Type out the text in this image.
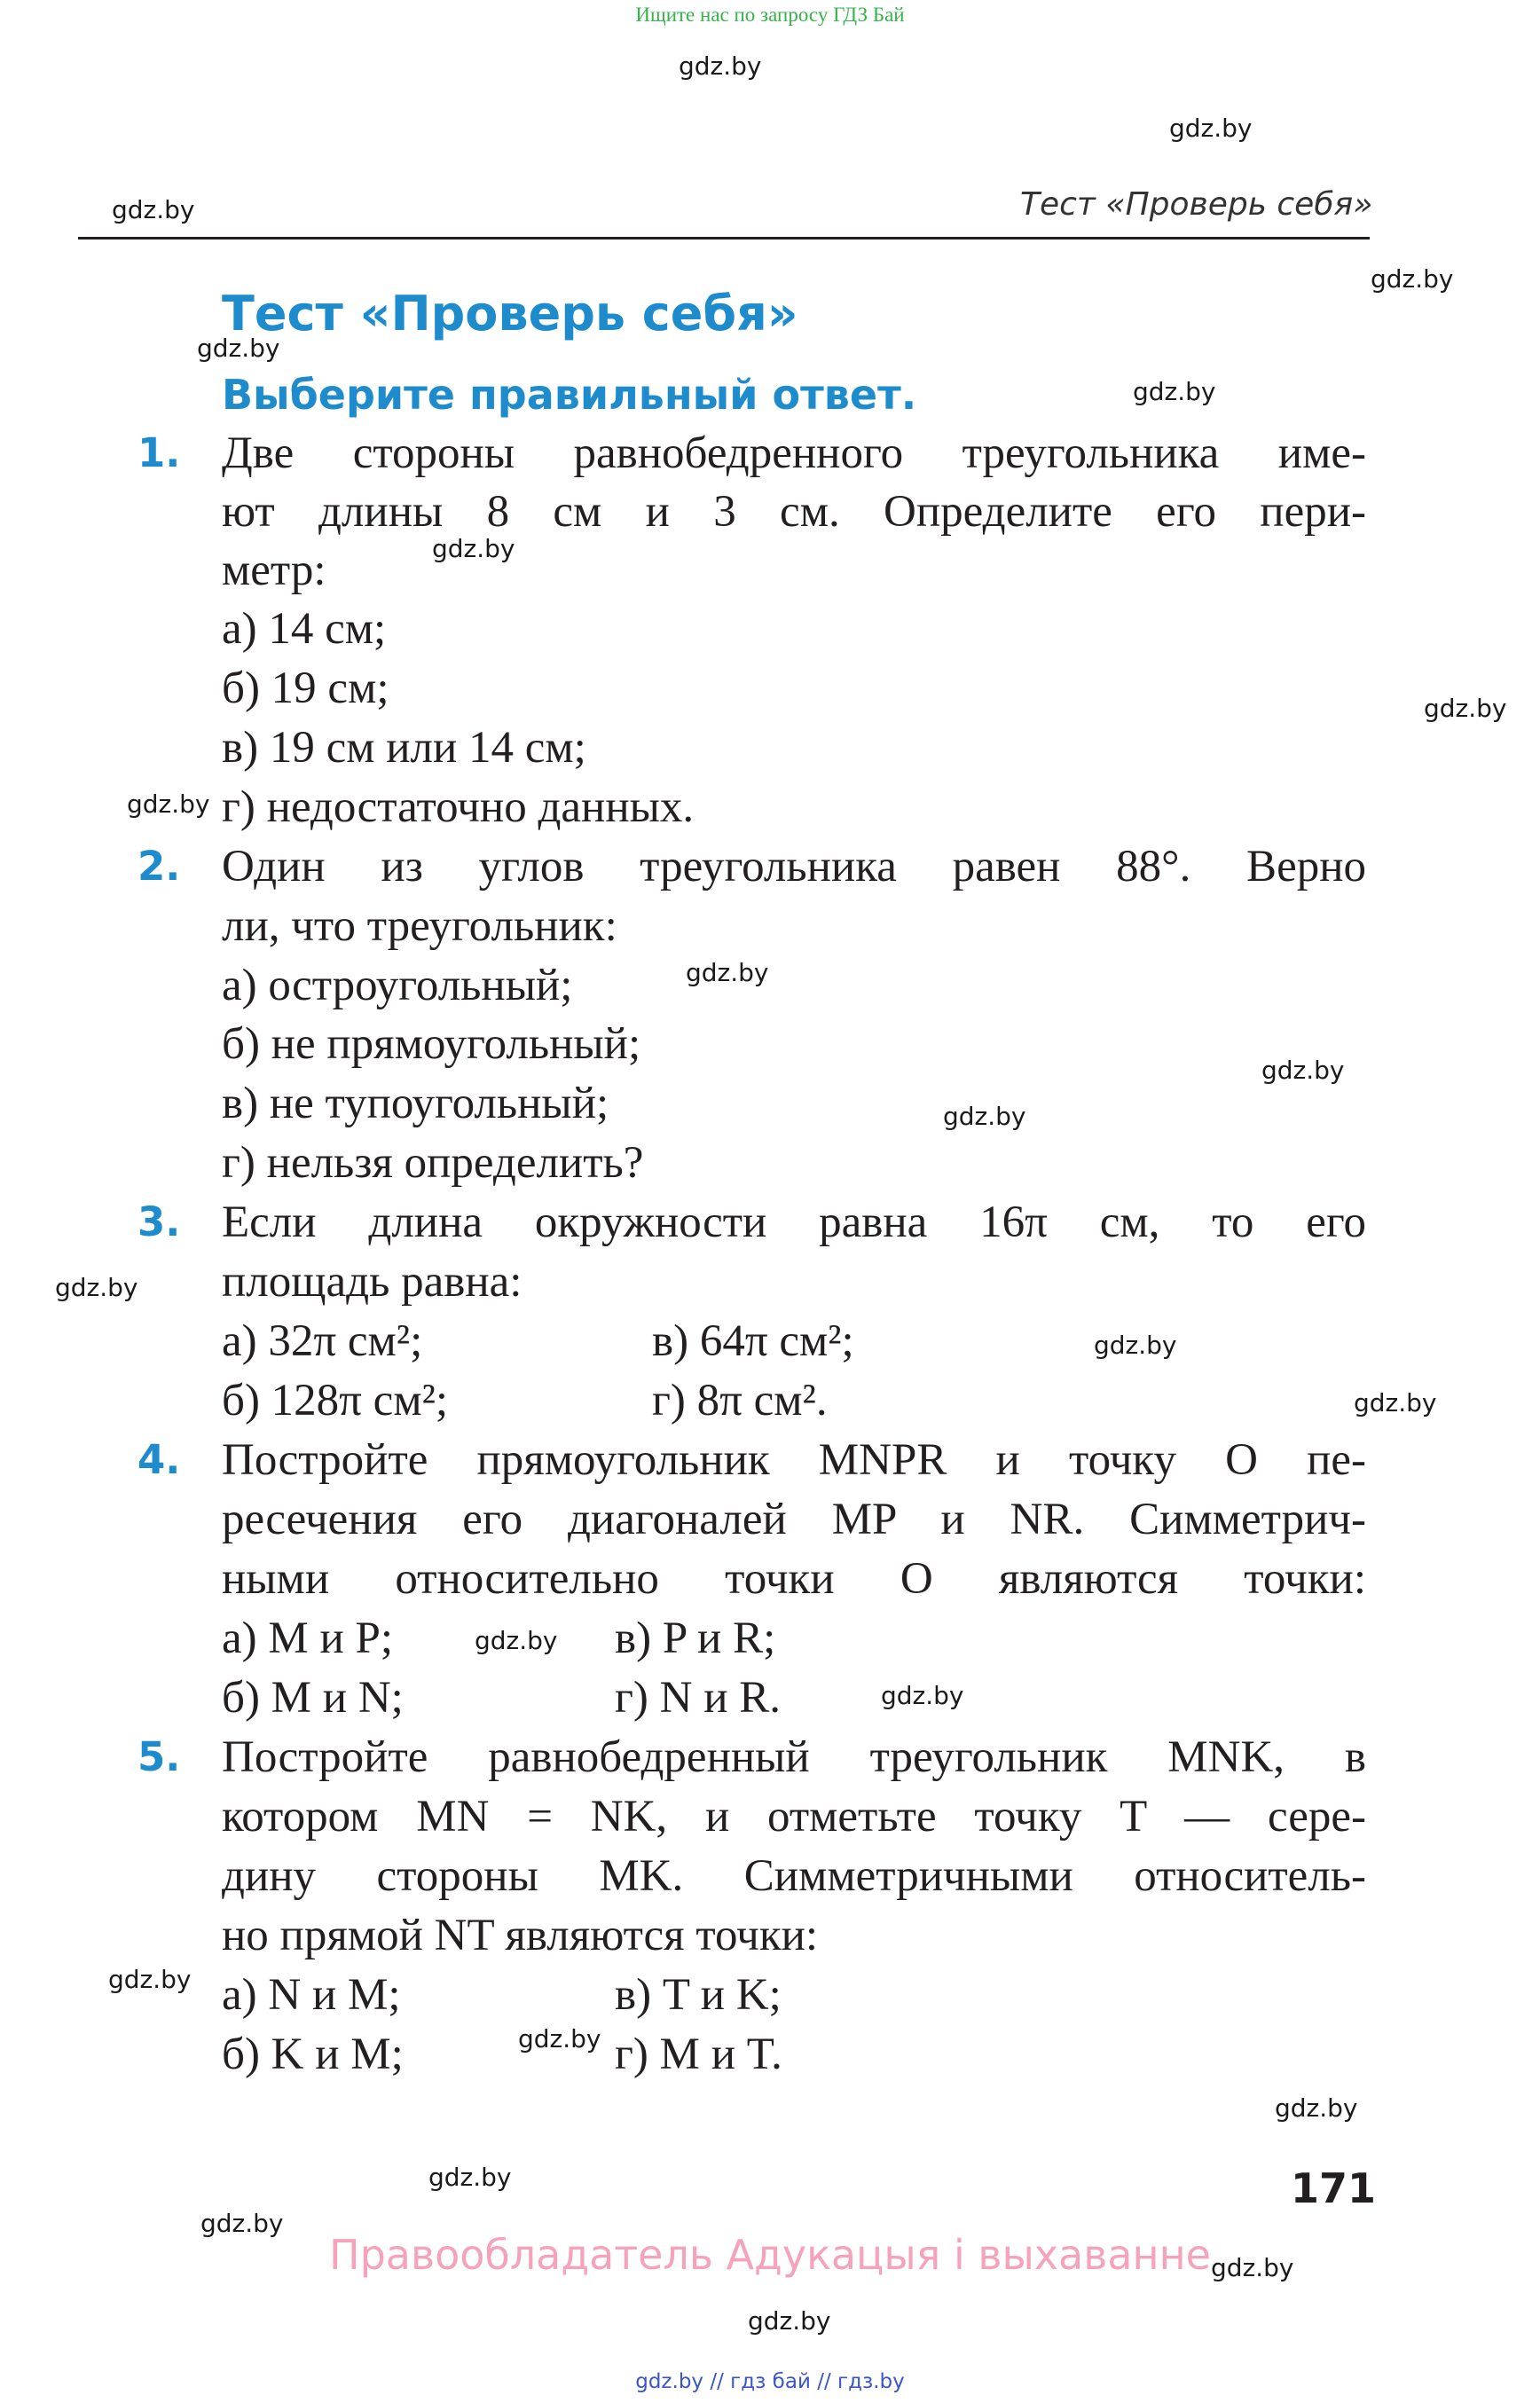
Ищите нас по запросу ГДЗ Бай
gdz.by
gdz.by
gdz.by
gdz.by
gdz.by
gdz.by
gdz.by
gdz.by
gdz.by
gdz.by
gdz.by
gdz.by
gdz.by
gdz.by
gdz.by
gdz.by
gdz.by
gdz.by
gdz.by
gdz.by
gdz.by
gdz.by
gdz.by
gdz.by
Тест «Проверь себя»
Тест «Проверь себя»
Выберите правильный ответ.
1. Две стороны равнобедренного треугольника име-
ют длины 8 см и 3 см. Определите его пери-
метр:
а) 14 см;
б) 19 см;
в) 19 см или 14 см;
г) недостаточно данных.
2. Один из углов треугольника равен 88°. Верно
ли, что треугольник:
а) остроугольный;
б) не прямоугольный;
в) не тупоугольный;
г) нельзя определить?
3. Если длина окружности равна 16π см, то его
площадь равна:
а) 32π см²;	в) 64π см²;
б) 128π см²;	г) 8π см².
4. Постройте прямоугольник MNPR и точку O пе-
ресечения его диагоналей MP и NR. Симметрич-
ными относительно точки O являются точки:
а) M и P;	в) P и R;
б) M и N;	г) N и R.
5. Постройте равнобедренный треугольник MNK, в
котором MN = NK, и отметьте точку T — сере-
дину стороны MK. Симметричными относитель-
но прямой NT являются точки:
а) N и M;	в) T и K;
б) K и M;	г) M и T.
171
Правообладатель Адукацыя і выхаванне
gdz.by // гдз бай // гдз.by
